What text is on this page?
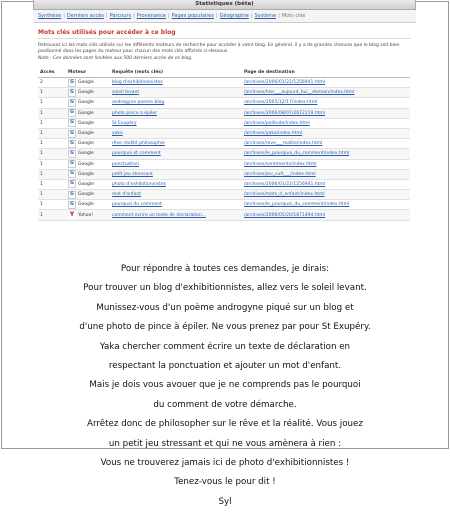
Statistiques (bêta)
Synthèse | Derniers accès | Parcours | Provenance | Pages populaires | Géographie | Système | Mots clés
Mots clés utilisés pour accéder à ce blog

Retrouvez ici les mots clés utilisés sur les différents moteurs de recherche pour accéder à votre blog. En général, il y a de grandes chances que le blog soit bien positionné dans les pages du moteur pour chacun des mots clés affichés ci-dessous.

Note : Ces données sont limitées aux 500 derniers accès de ce blog.

Accès	Moteur	Requête (mots clés)	Page de destination
2	G Google	blog d'exhibitionnistes	/archives/2006/01/22/1256941.html
1	G Google	soleil levant	/archives/hier___aujourd_hui__demain/index.html
1	G Google	androgyne poeme blog	/archives/2005/12/17/index.html
1	G Google	photo pince à épiler	/archives/2006/08/07/2612219.html
1	G Google	St Exupéry	/archives/politude/index.html
1	G Google	yaka	/archives/yaka/index.html
1	G Google	rêve réalité philosophie	/archives/reve___realite/index.html
1	G Google	pourquoi et comment	/archives/le_pourquoi_du_comment/index.html
1	G Google	ponctuation	/archives/sentiments/index.html
1	G Google	petit jeu stressant	/archives/jeu_cult___/index.html
1	G Google	photo d'exhibitionnistes	/archives/2006/01/22/1256941.html
1	G Google	mot d'enfant	/archives/mots_d_enfant/index.html
1	G Google	pourquoi du comment	/archives/le_pourquoi_du_comment/index.html
1	Y Yahoo!	comment ecrire un texte de declaration...	/archives/2006/05/20/1871494.html

Pour répondre à toutes ces demandes, je dirais:

Pour trouver un blog d'exhibitionnistes, allez vers le soleil levant.

Munissez-vous d'un poème androgyne piqué sur un blog et

d'une photo de pince à épiler. Ne vous prenez par pour St Exupéry.

Yaka chercher comment écrire un texte de déclaration en

respectant la ponctuation et ajouter un mot d'enfant.

Mais je dois vous avouer que je ne comprends pas le pourquoi

du comment de votre démarche.

Arrêtez donc de philosopher sur le rêve et la réalité. Vous jouez

un petit jeu stressant et qui ne vous amènera à rien :

Vous ne trouverez jamais ici de photo d'exhibitionnistes !

Tenez-vous le pour dit !

Syl
